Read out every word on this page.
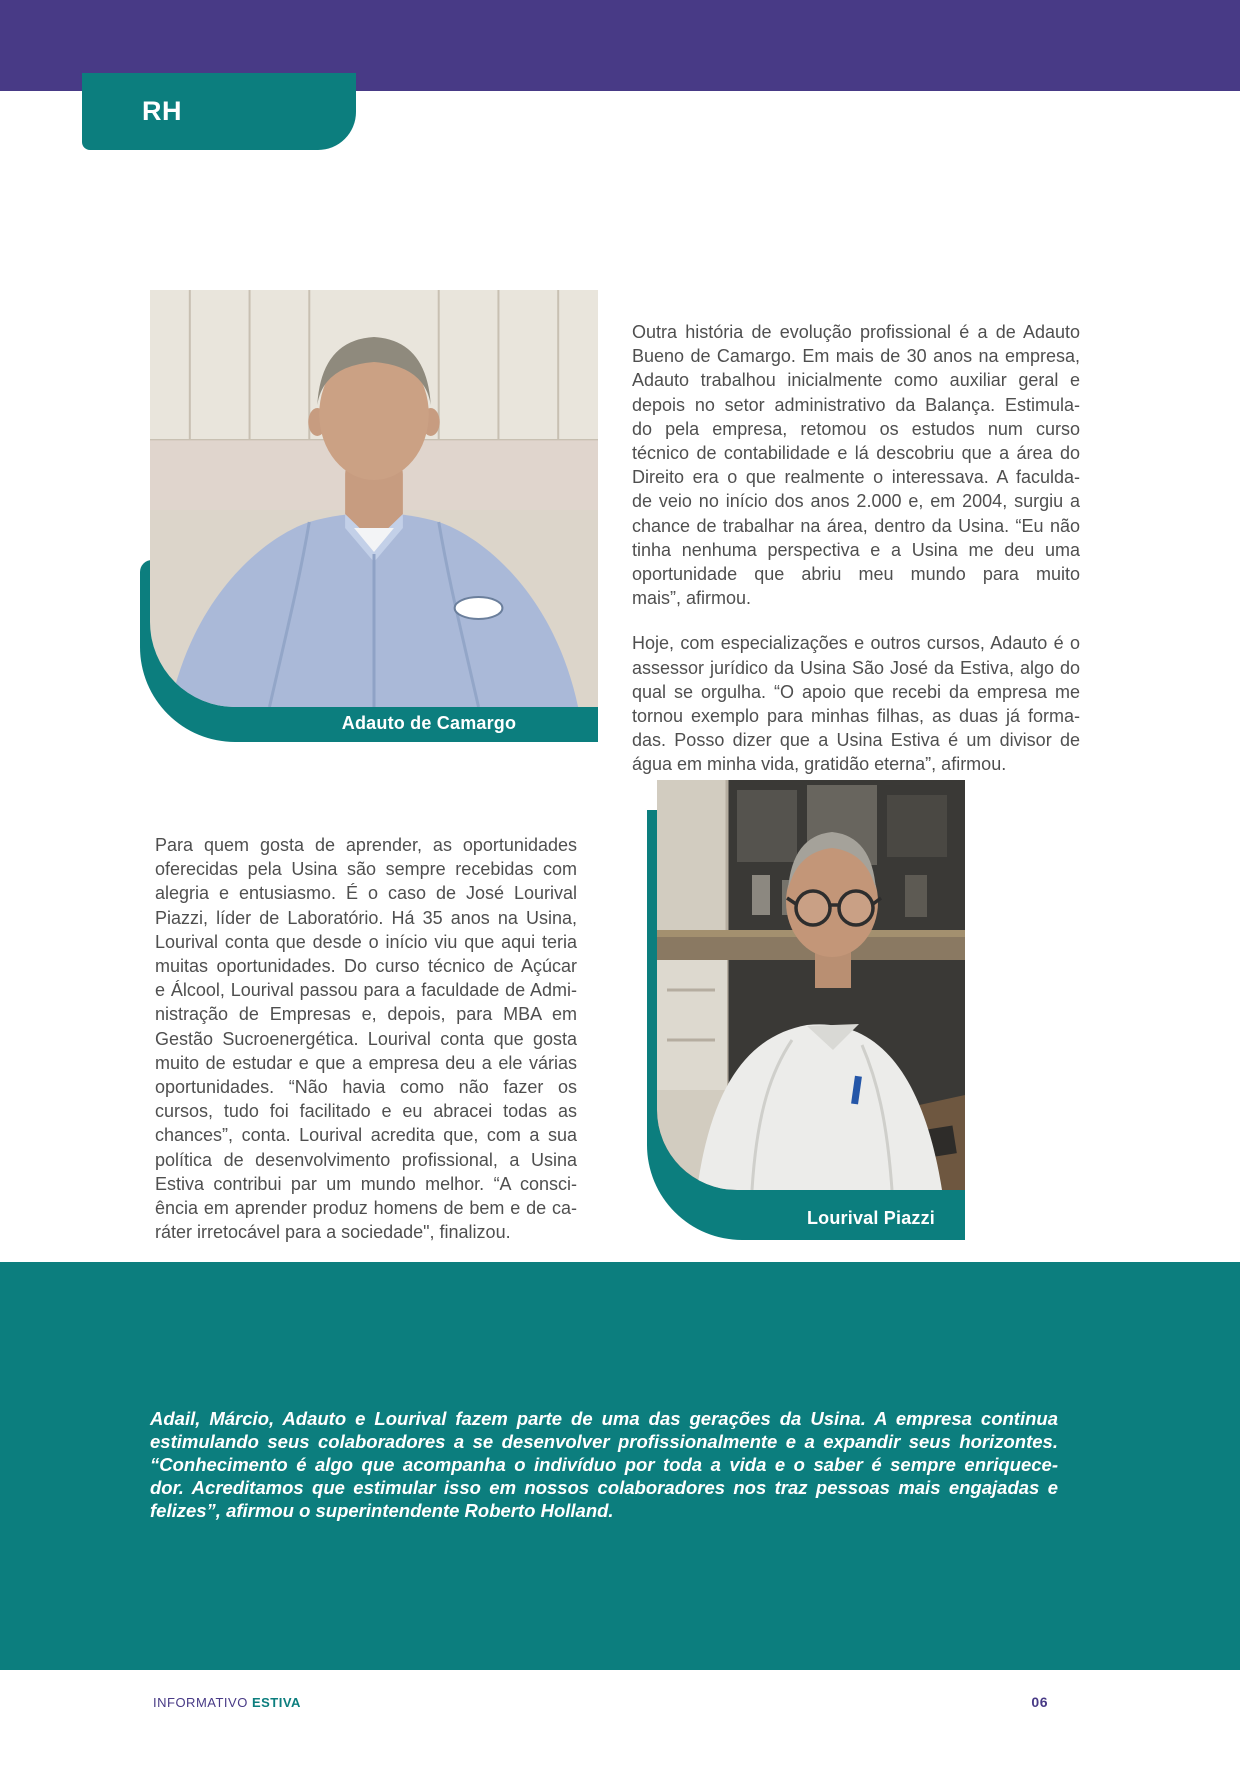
RH
Adauto de Camargo
Outra história de evolução profissional é a de Adauto
Bueno de Camargo. Em mais de 30 anos na empresa,
Adauto trabalhou inicialmente como auxiliar geral e
depois no setor administrativo da Balança. Estimula-
do pela empresa, retomou os estudos num curso
técnico de contabilidade e lá descobriu que a área do
Direito era o que realmente o interessava. A faculda-
de veio no início dos anos 2.000 e, em 2004, surgiu a
chance de trabalhar na área, dentro da Usina. “Eu não
tinha nenhuma perspectiva e a Usina me deu uma
oportunidade que abriu meu mundo para muito
mais”, afirmou.
Hoje, com especializações e outros cursos, Adauto é o
assessor jurídico da Usina São José da Estiva, algo do
qual se orgulha. “O apoio que recebi da empresa me
tornou exemplo para minhas filhas, as duas já forma-
das. Posso dizer que a Usina Estiva é um divisor de
água em minha vida, gratidão eterna”, afirmou.
Para quem gosta de aprender, as oportunidades
oferecidas pela Usina são sempre recebidas com
alegria e entusiasmo. É o caso de José Lourival
Piazzi, líder de Laboratório. Há 35 anos na Usina,
Lourival conta que desde o início viu que aqui teria
muitas oportunidades. Do curso técnico de Açúcar
e Álcool, Lourival passou para a faculdade de Admi-
nistração de Empresas e, depois, para MBA em
Gestão Sucroenergética. Lourival conta que gosta
muito de estudar e que a empresa deu a ele várias
oportunidades. “Não havia como não fazer os
cursos, tudo foi facilitado e eu abracei todas as
chances”, conta. Lourival acredita que, com a sua
política de desenvolvimento profissional, a Usina
Estiva contribui par um mundo melhor. “A consci-
ência em aprender produz homens de bem e de ca-
ráter irretocável para a sociedade", finalizou.
Lourival Piazzi
Adail, Márcio, Adauto e Lourival fazem parte de uma das gerações da Usina. A empresa continua
estimulando seus colaboradores a se desenvolver profissionalmente e a expandir seus horizontes.
“Conhecimento é algo que acompanha o indivíduo por toda a vida e o saber é sempre enriquece-
dor. Acreditamos que estimular isso em nossos colaboradores nos traz pessoas mais engajadas e
felizes”, afirmou o superintendente Roberto Holland.
INFORMATIVO ESTIVA	06
